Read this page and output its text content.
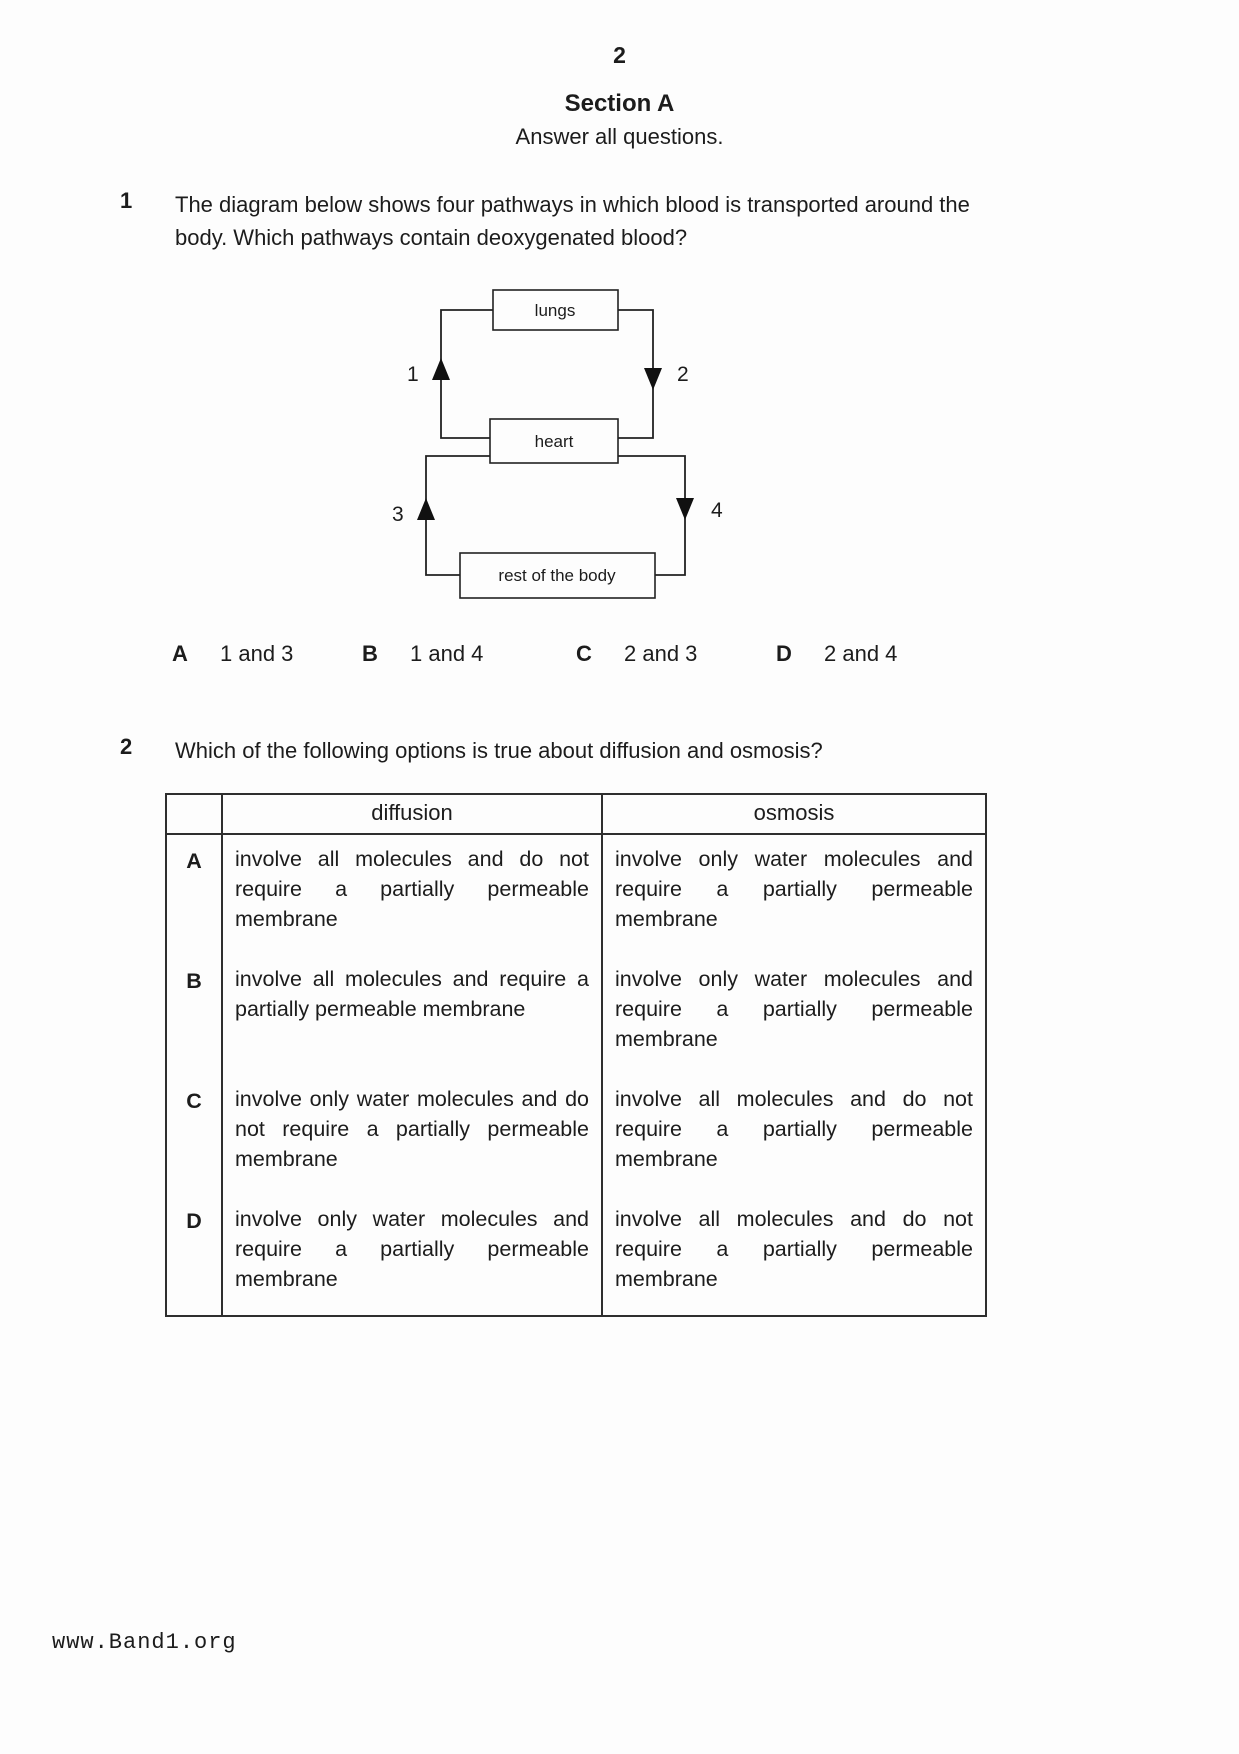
2
Section A
Answer all questions.
1 The diagram below shows four pathways in which blood is transported around the body. Which pathways contain deoxygenated blood?

lungs
heart
rest of the body
1	2
3	4
A	1 and 3	B	1 and 4	C	2 and 3	D	2 and 4
2 Which of the following options is true about diffusion and osmosis?

	diffusion	osmosis
A	involve all molecules and do not require a partially permeable membrane	involve only water molecules and require a partially permeable membrane
B	involve all molecules and require a partially permeable membrane	involve only water molecules and require a partially permeable membrane
C	involve only water molecules and do not require a partially permeable membrane	involve all molecules and do not require a partially permeable membrane
D	involve only water molecules and require a partially permeable membrane	involve all molecules and do not require a partially permeable membrane
www.Band1.org
